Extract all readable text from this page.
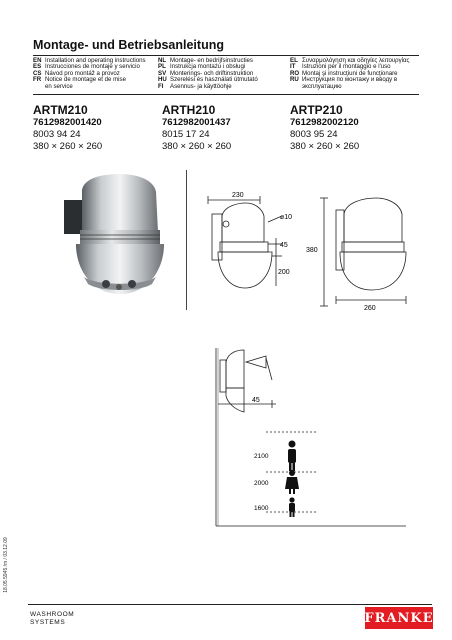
Montage- und Betriebsanleitung
EN Installation and operating instructions
ES Instrucciones de montaje y servicio
CS Návod pro montáž a provoz
FR Notice de montage et de mise
en service
NL Montage- en bedrijfsinstructies
PL Instrukcja montażu i obsługi
SV Monterings- och driftinstruktion
HU Szerelési és használati útmutató
FI	Asennus- ja käyttöohje
EL Συναρμολόγηση και οδηγίες λειτουργίας
IT	Istruzioni per il montaggio e l'uso
RO Montaj şi instrucţiuni de funcţionare
RU Инструкция по монтажу и вводу в
эксплуатацию
ARTM210
7612982001420
8003 94 24
380 × 260 × 260
ARTH210
7612982001437
8015 17 24
380 × 260 × 260
ARTP210
7612982002120
8003 95 24
380 × 260 × 260
230
⌀10
45
200
380
260
45
2100
2000
1600
18.05.5945 /m / 03.12.09
WASHROOM
SYSTEMS	FRANKE
